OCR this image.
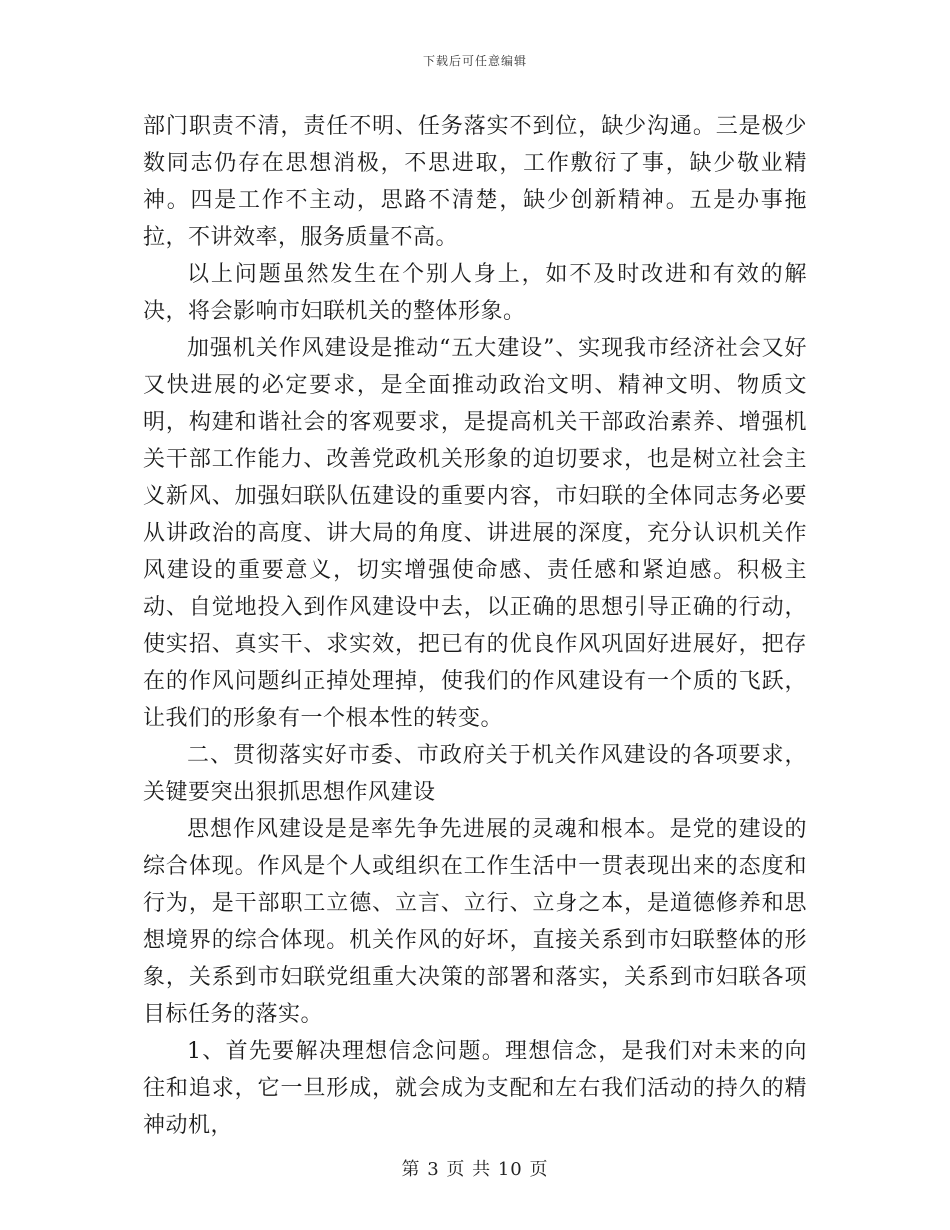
下载后可任意编辑

部门职责不清，责任不明、任务落实不到位，缺少沟通。三是极少数同志仍存在思想消极，不思进取，工作敷衍了事，缺少敬业精神。四是工作不主动，思路不清楚，缺少创新精神。五是办事拖拉，不讲效率，服务质量不高。

以上问题虽然发生在个别人身上，如不及时改进和有效的解决，将会影响市妇联机关的整体形象。

加强机关作风建设是推动“五大建设”、实现我市经济社会又好又快进展的必定要求，是全面推动政治文明、精神文明、物质文明，构建和谐社会的客观要求，是提高机关干部政治素养、增强机关干部工作能力、改善党政机关形象的迫切要求，也是树立社会主义新风、加强妇联队伍建设的重要内容，市妇联的全体同志务必要从讲政治的高度、讲大局的角度、讲进展的深度，充分认识机关作风建设的重要意义，切实增强使命感、责任感和紧迫感。积极主动、自觉地投入到作风建设中去，以正确的思想引导正确的行动，使实招、真实干、求实效，把已有的优良作风巩固好进展好，把存在的作风问题纠正掉处理掉，使我们的作风建设有一个质的飞跃，让我们的形象有一个根本性的转变。

二、贯彻落实好市委、市政府关于机关作风建设的各项要求，关键要突出狠抓思想作风建设

思想作风建设是是率先争先进展的灵魂和根本。是党的建设的综合体现。作风是个人或组织在工作生活中一贯表现出来的态度和行为，是干部职工立德、立言、立行、立身之本，是道德修养和思想境界的综合体现。机关作风的好坏，直接关系到市妇联整体的形象，关系到市妇联党组重大决策的部署和落实，关系到市妇联各项目标任务的落实。

1、首先要解决理想信念问题。理想信念，是我们对未来的向往和追求，它一旦形成，就会成为支配和左右我们活动的持久的精神动机，

第 3 页 共 10 页
